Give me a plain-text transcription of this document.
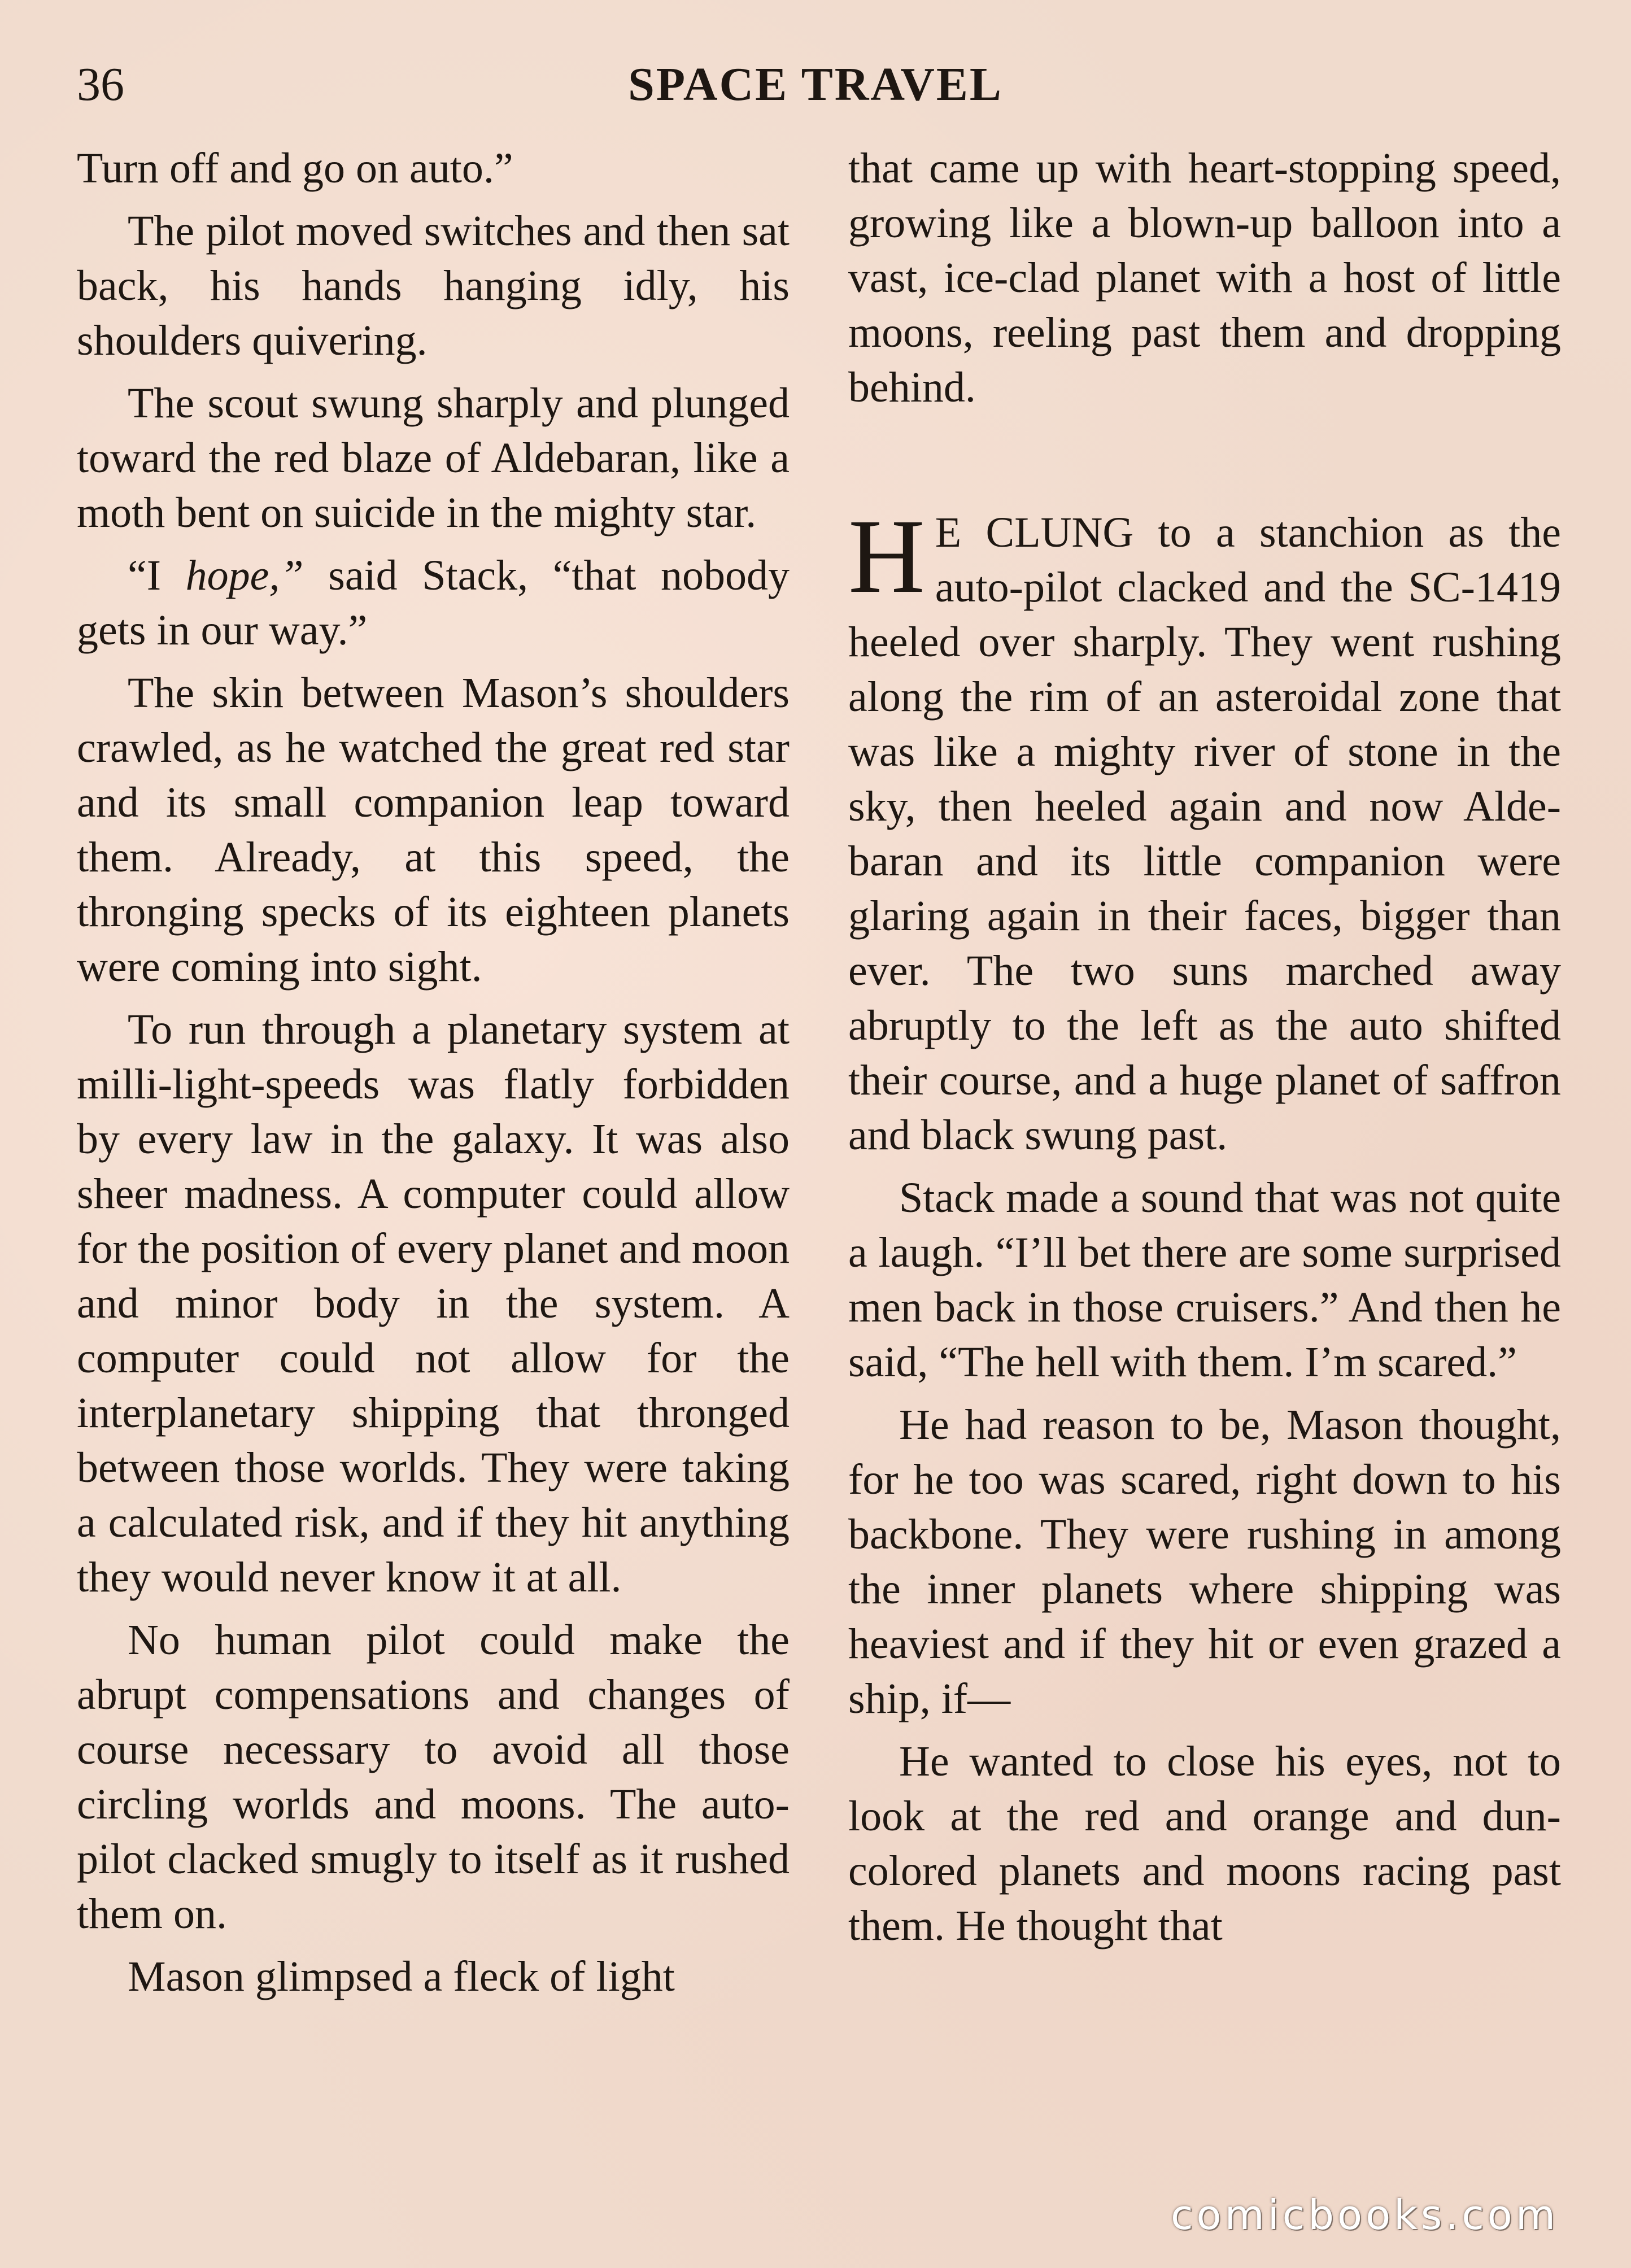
36	SPACE TRAVEL

Turn off and go on auto.”

The pilot moved switches and then sat back, his hands hanging idly, his shoulders quivering.

The scout swung sharply and plunged toward the red blaze of Aldebaran, like a moth bent on suicide in the mighty star.

“I hope,” said Stack, “that nobody gets in our way.”

The skin between Mason’s shoulders crawled, as he watched the great red star and its small companion leap toward them. Already, at this speed, the thronging specks of its eighteen planets were coming into sight.

To run through a planetary system at milli-light-speeds was flatly forbidden by every law in the galaxy. It was also sheer madness. A computer could allow for the position of every planet and moon and minor body in the system. A computer could not allow for the interplanetary shipping that thronged between those worlds. They were taking a calculated risk, and if they hit anything they would never know it at all.

No human pilot could make the abrupt compensations and changes of course necessary to avoid all those circling worlds and moons. The auto-pilot clacked smugly to itself as it rushed them on.

Mason glimpsed a fleck of light

that came up with heart-stopping speed, growing like a blown-up balloon into a vast, ice-clad planet with a host of little moons, reeling past them and dropping behind.

H E CLUNG to a stanchion as the auto-pilot clacked and the SC-1419 heeled over sharply. They went rushing along the rim of an asteroidal zone that was like a mighty river of stone in the sky, then heeled again and now Aldebaran and its little companion were glaring again in their faces, bigger than ever. The two suns marched away abruptly to the left as the auto shifted their course, and a huge planet of saffron and black swung past.

Stack made a sound that was not quite a laugh. “I’ll bet there are some surprised men back in those cruisers.” And then he said, “The hell with them. I’m scared.”

He had reason to be, Mason thought, for he too was scared, right down to his backbone. They were rushing in among the inner planets where shipping was heaviest and if they hit or even grazed a ship, if—

He wanted to close his eyes, not to look at the red and orange and dun-colored planets and moons racing past them. He thought that

comicbooks.com
